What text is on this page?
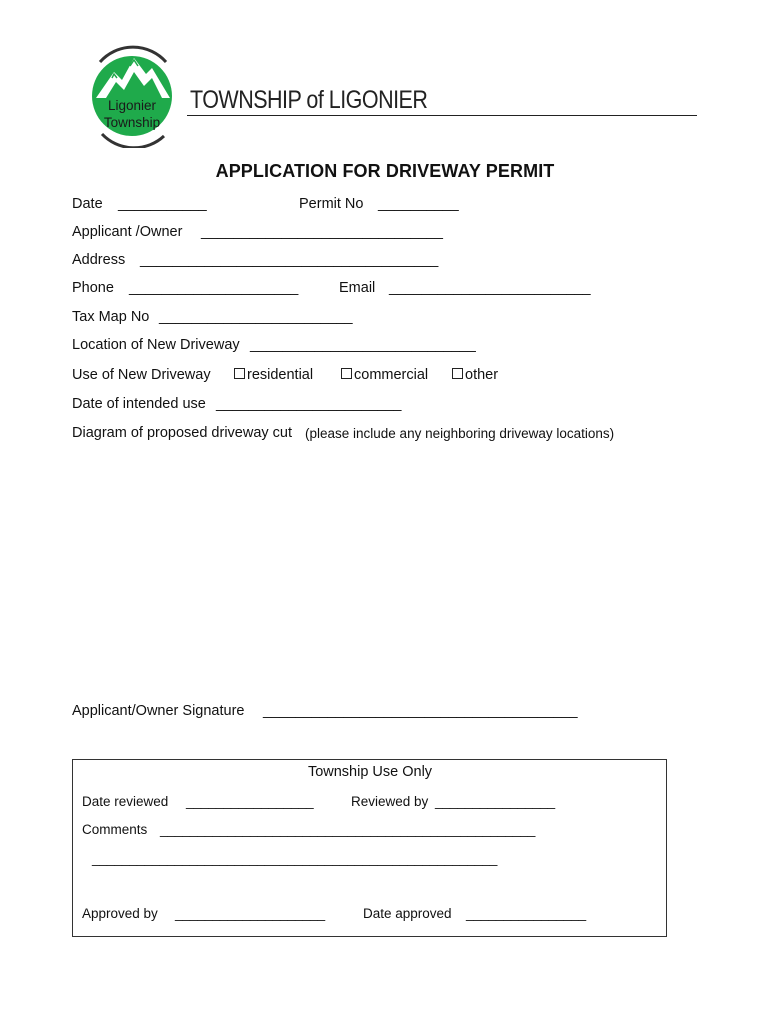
Ligonier
Township
TOWNSHIP of LIGONIER
APPLICATION FOR DRIVEWAY PERMIT
Date ___________	Permit No __________
Applicant /Owner ______________________________
Address _____________________________________
Phone _____________________	Email _________________________
Tax Map No ________________________
Location of New Driveway ____________________________
Use of New Driveway	residential	commercial	other
Date of intended use _______________________
Diagram of proposed driveway cut (please include any neighboring driveway locations)
Applicant/Owner Signature _______________________________________
Township Use Only
Date reviewed _________________	Reviewed by ________________
Comments __________________________________________________
______________________________________________________
Approved by ____________________	Date approved ________________
